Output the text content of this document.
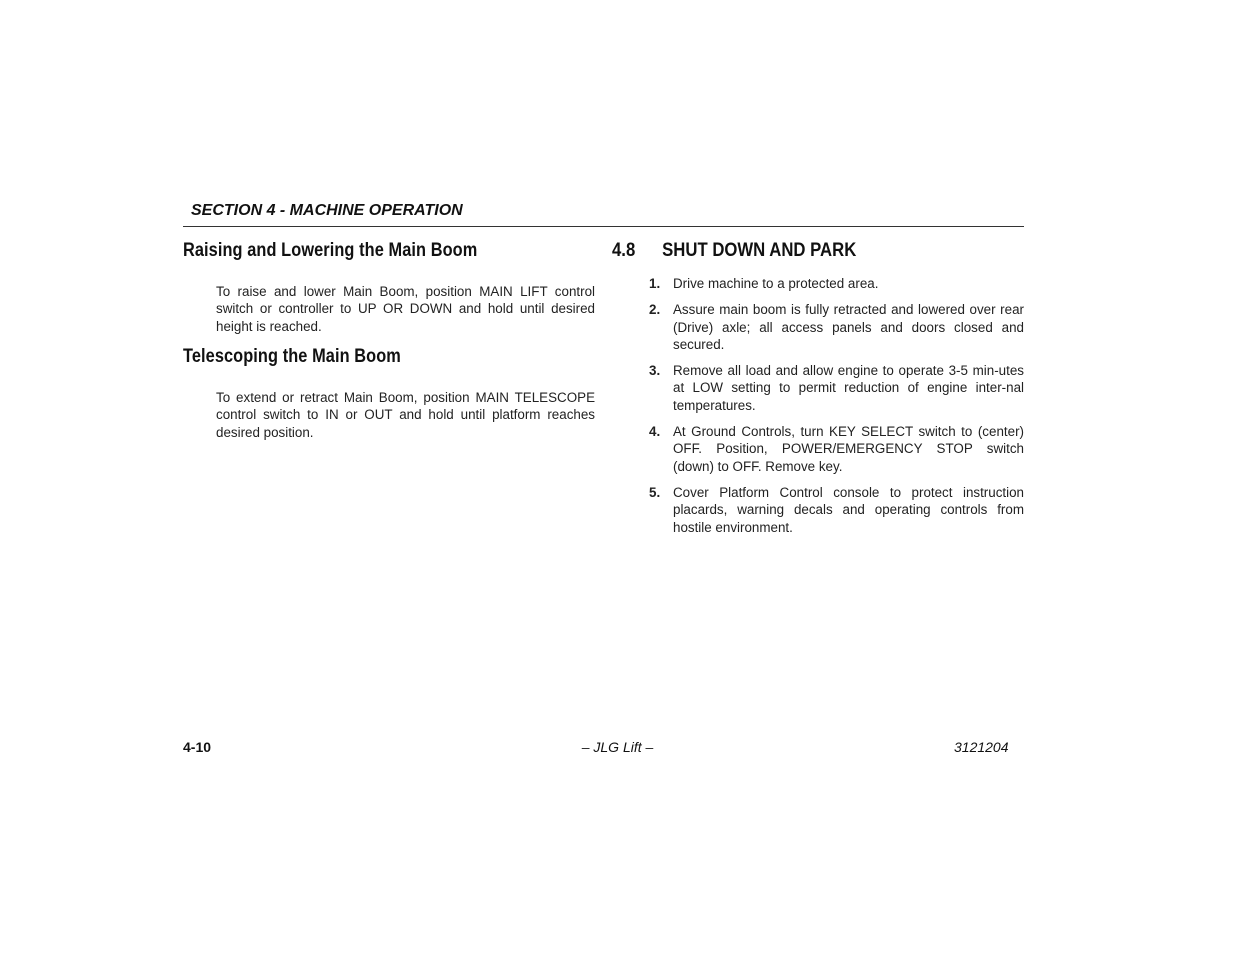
SECTION 4 - MACHINE OPERATION
Raising and Lowering the Main Boom

To raise and lower Main Boom, position MAIN LIFT control switch or controller to UP OR DOWN and hold until desired height is reached.

Telescoping the Main Boom

To extend or retract Main Boom, position MAIN TELESCOPE control switch to IN or OUT and hold until platform reaches desired position.

4.8	SHUT DOWN AND PARK
1. Drive machine to a protected area.
2. Assure main boom is fully retracted and lowered over rear (Drive) axle; all access panels and doors closed and secured.
3. Remove all load and allow engine to operate 3-5 min-utes at LOW setting to permit reduction of engine inter-nal temperatures.
4. At Ground Controls, turn KEY SELECT switch to (center) OFF. Position, POWER/EMERGENCY STOP switch (down) to OFF. Remove key.
5. Cover Platform Control console to protect instruction placards, warning decals and operating controls from hostile environment.
4-10	– JLG Lift –	3121204
